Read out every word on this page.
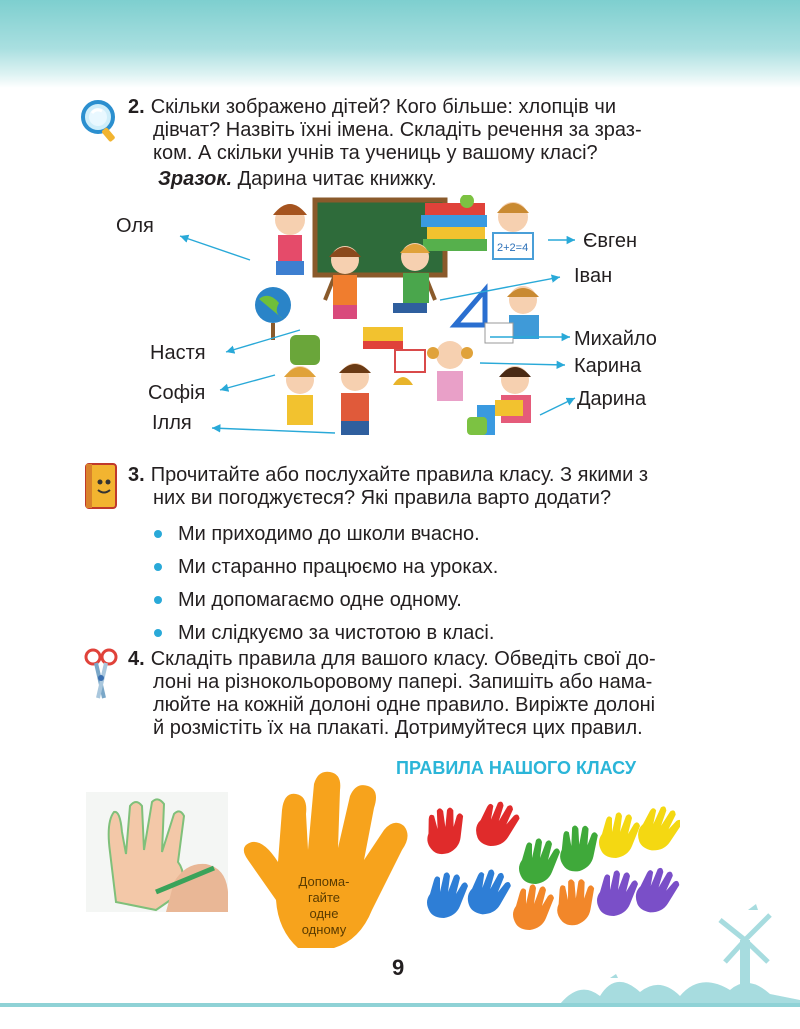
2. Скільки зображено дітей? Кого більше: хлопців чи

дівчат? Назвіть їхні імена. Складіть речення за зраз-

ком. А скільки учнів та учениць у вашому класі?

Зразок. Дарина читає книжку.
2+2=4
Оля
Євген
Іван
Настя
Михайло
Карина
Софія	Дарина
Ілля

3. Прочитайте або послухайте правила класу. З якими з

них ви погоджуєтеся? Які правила варто додати?

Ми приходимо до школи вчасно.
Ми старанно працюємо на уроках.
Ми допомагаємо одне одному.
Ми слідкуємо за чистотою в класі.

4. Складіть правила для вашого класу. Обведіть свої до-

лоні на різнокольоровому папері. Запишіть або нама-

люйте на кожній долоні одне правило. Виріжте долоні

й розмістіть їх на плакаті. Дотримуйтеся цих правил.

Допома-
гайте
одне
одному
ПРАВИЛА НАШОГО КЛАСУ
9
